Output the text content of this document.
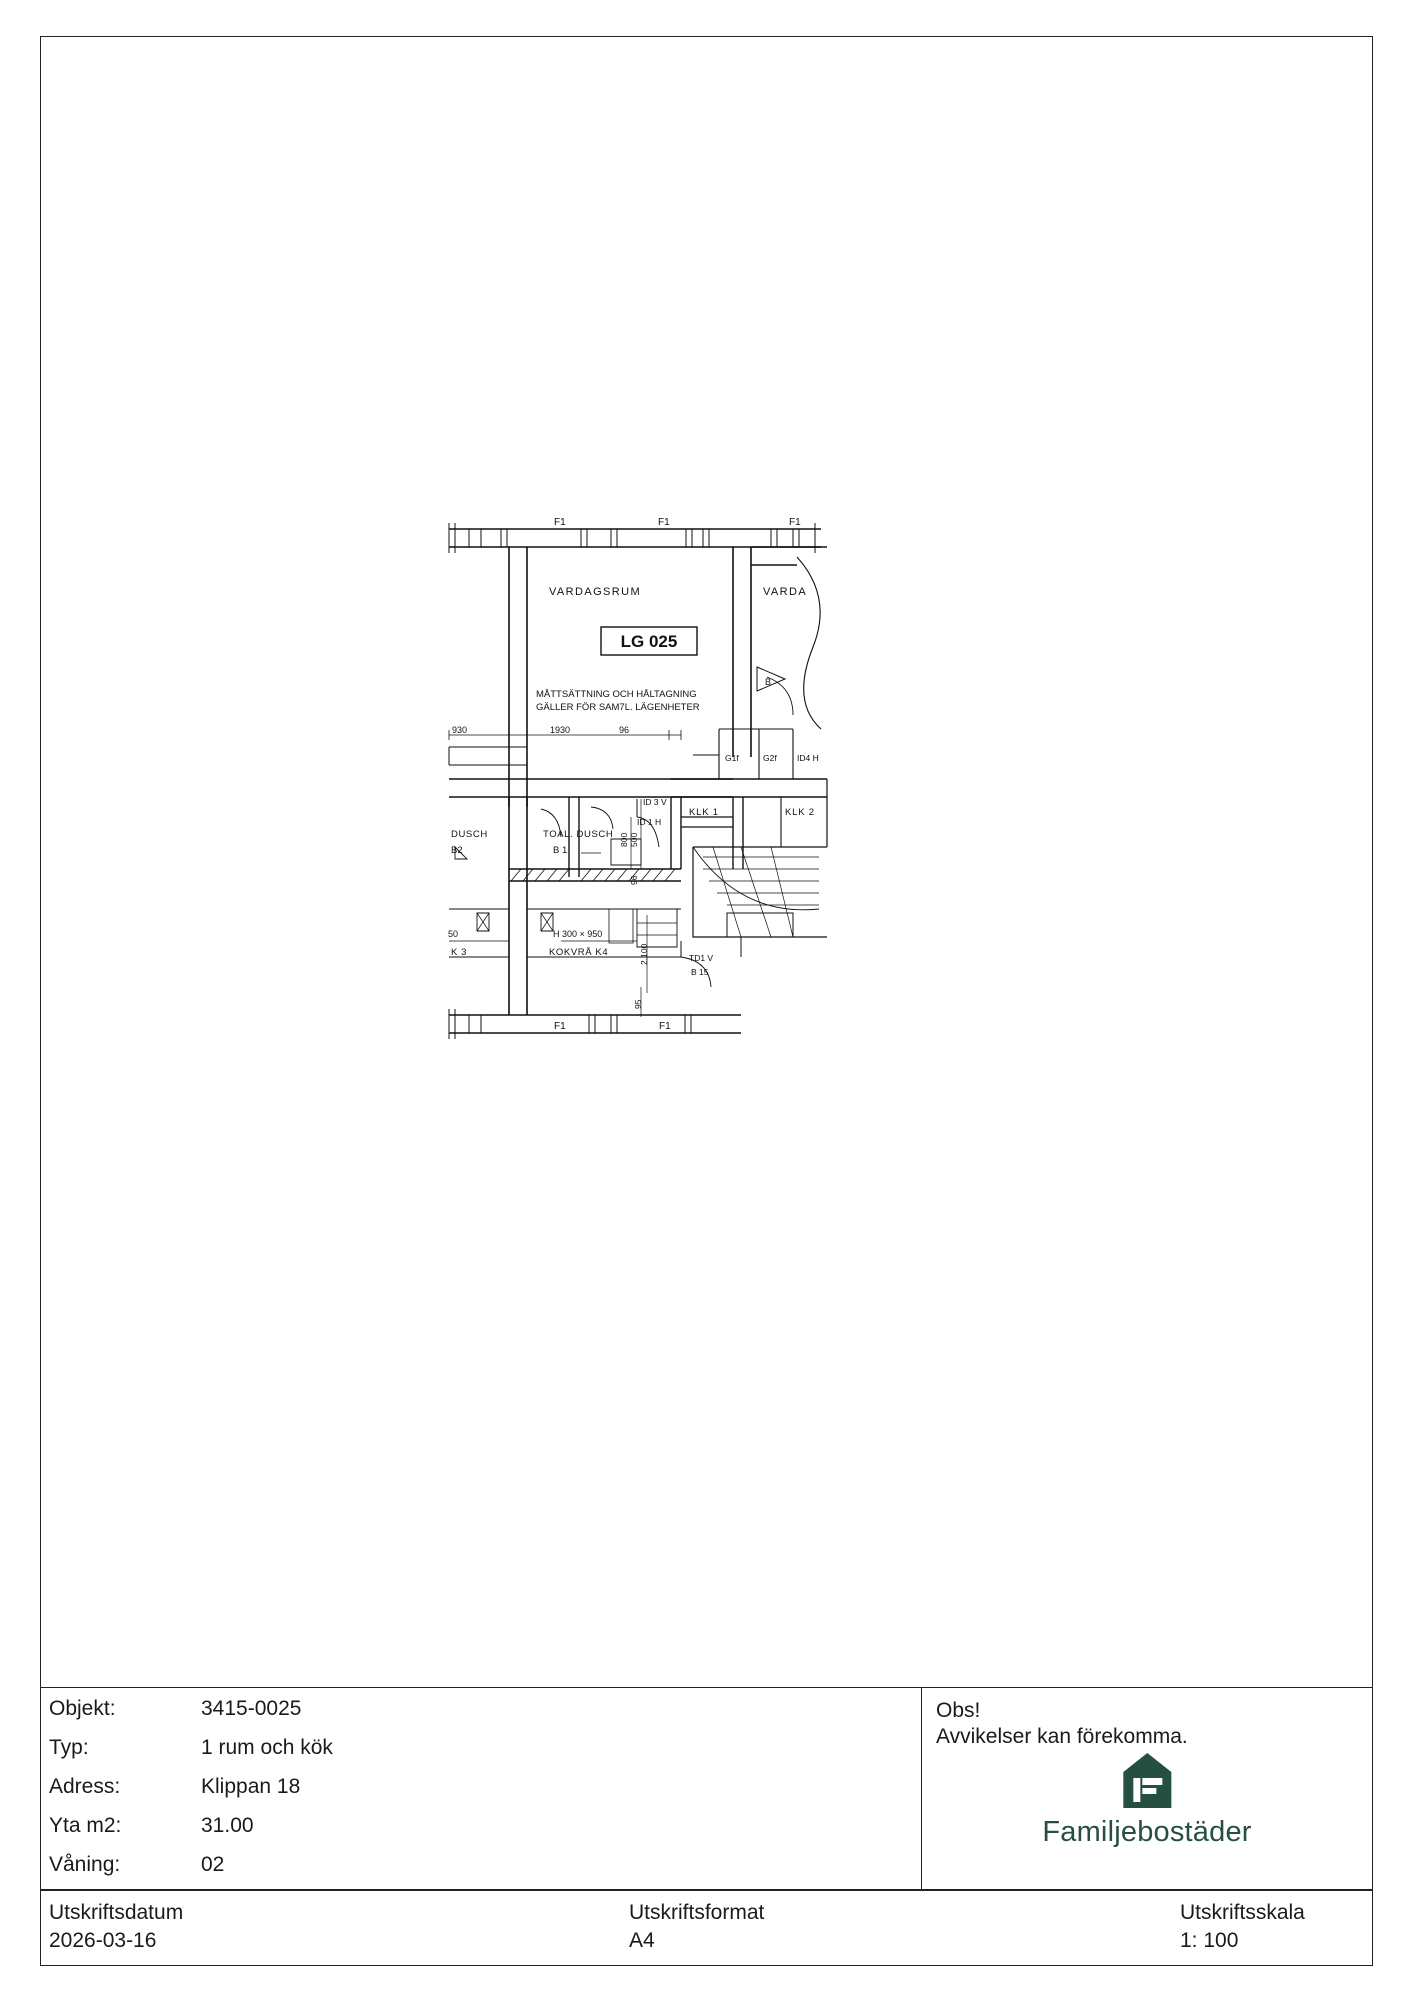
F1	F1	F1
F1	F1
VARDAGSRUM	VARDA
MÅTTSÄTTNING OCH HÅLTAGNING
GÄLLER FÖR SAM7L. LÄGENHETER
930	1930	96
G1f	G2f ID4 H
B
ID 3 V
ID 1 H
KLK 1	KLK 2
DUSCH
B2
TOAL. DUSCH
B 1
50
K 3
H 300 × 950
KOKVRÅ K4
800 500
96
2.100
95
TD1 V
B 15
LG 025
Objekt:	3415-0025
Typ:	1 rum och kök
Adress:	Klippan 18
Yta m2:	31.00
Våning:	02
Obs!
Avvikelser kan förekomma.
Familjebostäder
Utskriftsdatum
2026-03-16
Utskriftsformat
A4
Utskriftsskala
1: 100
